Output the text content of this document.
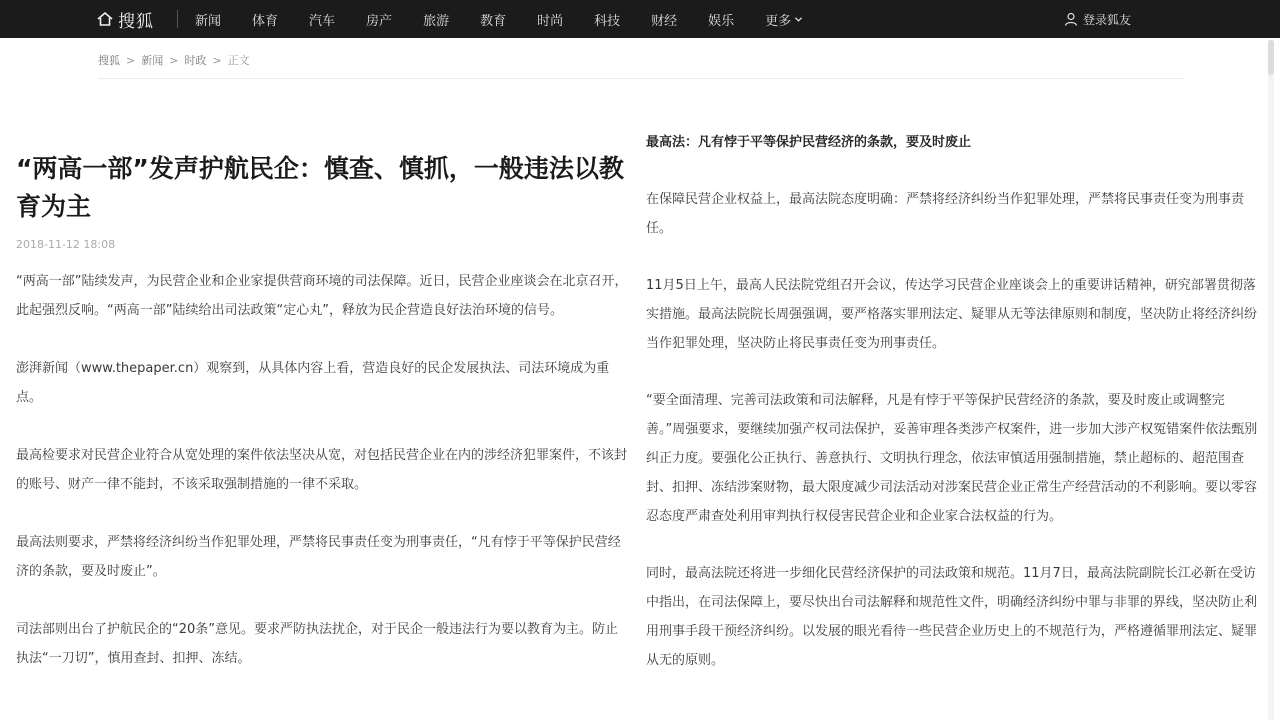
搜狐	新闻 体育 汽车 房产 旅游 教育 时尚 科技 财经 娱乐 更多	登录狐友
搜狐 > 新闻 > 时政 > 正文
“两高一部”发声护航民企：慎查、慎抓，一般违法以教育为主
2018-11-12 18:08

“两高一部”陆续发声，为民营企业和企业家提供营商环境的司法保障。近日，民营企业座谈会在北京召开，此起强烈反响。“两高一部”陆续给出司法政策“定心丸”，释放为民企营造良好法治环境的信号。

澎湃新闻（www.thepaper.cn）观察到，从具体内容上看，营造良好的民企发展执法、司法环境成为重点。

最高检要求对民营企业符合从宽处理的案件依法坚决从宽，对包括民营企业在内的涉经济犯罪案件，不该封的账号、财产一律不能封，不该采取强制措施的一律不采取。

最高法则要求，严禁将经济纠纷当作犯罪处理，严禁将民事责任变为刑事责任，“凡有悖于平等保护民营经济的条款，要及时废止”。

司法部则出台了护航民企的“20条”意见。要求严防执法扰企，对于民企一般违法行为要以教育为主。防止执法“一刀切”，慎用查封、扣押、冻结。

最高法：凡有悖于平等保护民营经济的条款，要及时废止

在保障民营企业权益上，最高法院态度明确：严禁将经济纠纷当作犯罪处理，严禁将民事责任变为刑事责任。

11月5日上午，最高人民法院党组召开会议，传达学习民营企业座谈会上的重要讲话精神，研究部署贯彻落实措施。最高法院院长周强强调，要严格落实罪刑法定、疑罪从无等法律原则和制度，坚决防止将经济纠纷当作犯罪处理，坚决防止将民事责任变为刑事责任。

“要全面清理、完善司法政策和司法解释，凡是有悖于平等保护民营经济的条款，要及时废止或调整完善。”周强要求，要继续加强产权司法保护，妥善审理各类涉产权案件，进一步加大涉产权冤错案件依法甄别纠正力度。要强化公正执行、善意执行、文明执行理念，依法审慎适用强制措施，禁止超标的、超范围查封、扣押、冻结涉案财物，最大限度减少司法活动对涉案民营企业正常生产经营活动的不利影响。要以零容忍态度严肃查处利用审判执行权侵害民营企业和企业家合法权益的行为。

同时，最高法院还将进一步细化民营经济保护的司法政策和规范。11月7日，最高法院副院长江必新在受访中指出，在司法保障上，要尽快出台司法解释和规范性文件，明确经济纠纷中罪与非罪的界线，坚决防止利用刑事手段干预经济纠纷。以发展的眼光看待一些民营企业历史上的不规范行为，严格遵循罪刑法定、疑罪从无的原则。
